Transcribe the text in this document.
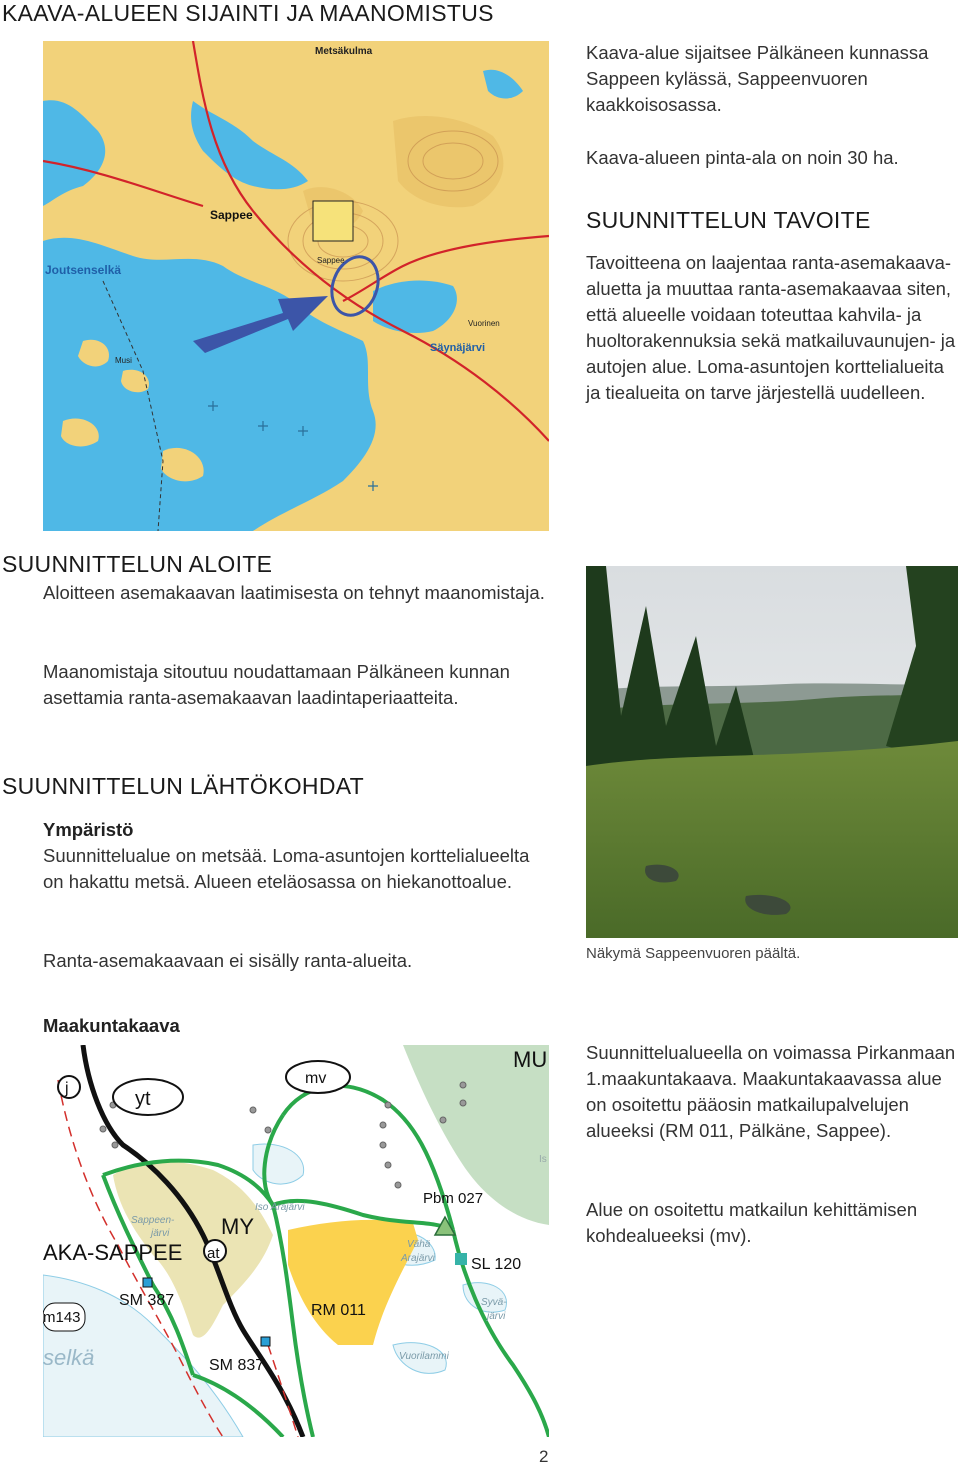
KAAVA-ALUEEN SIJAINTI JA MAANOMISTUS
Metsäkulma
Sappee
Sappee
Joutsenselkä
Säynäjärvi
Musi
Vuorinen
Kaava-alue sijaitsee Pälkäneen kunnassa Sappeen kylässä, Sappeenvuoren kaakkoisosassa.
Kaava-alueen pinta-ala on noin 30 ha.
SUUNNITTELUN TAVOITE
Tavoitteena on laajentaa ranta-asemakaava-aluetta ja muuttaa ranta-asemakaavaa siten, että alueelle voidaan toteuttaa kahvila- ja huoltorakennuksia sekä matkailuvaunujen- ja autojen alue. Loma-asuntojen korttelialueita ja tiealueita on tarve järjestellä uudelleen.
SUUNNITTELUN ALOITE
Aloitteen asemakaavan laatimisesta on tehnyt maanomistaja.
Maanomistaja sitoutuu noudattamaan Pälkäneen kunnan asettamia ranta-asemakaavan laadintaperiaatteita.
SUUNNITTELUN LÄHTÖKOHDAT
Ympäristö
Suunnittelualue on metsää. Loma-asuntojen korttelialueelta on hakattu metsä. Alueen eteläosassa on hiekanottoalue.
Ranta-asemakaavaan ei sisälly ranta-alueita.	Näkymä Sappeenvuoren päältä.
Maakuntakaava
MU
mv
yt
j
Is
Iso Arajärvi
Pbm 027
Sappeen-
järvi MY
AKA-SAPPEE at
Vähä
Arajärvi SL 120
SM 387
m143	RM 011	Syvä-
järvi
selkä	SM 837
Vuorilammi
Suunnittelualueella on voimassa Pirkanmaan 1.maakuntakaava. Maakuntakaavassa alue on osoitettu pääosin matkailupalvelujen alueeksi (RM 011, Pälkäne, Sappee).
Alue on osoitettu matkailun kehittämisen kohdealueeksi (mv).
2
